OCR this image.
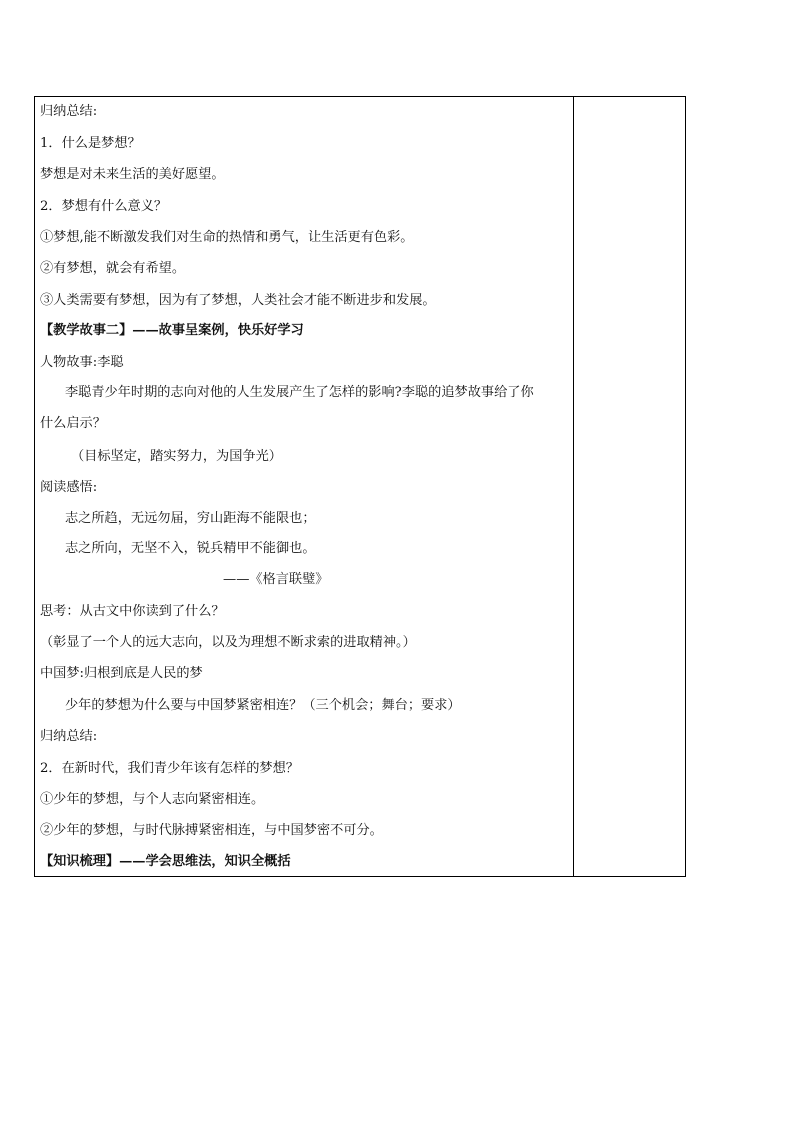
归纳总结:
1．什么是梦想？
梦想是对未来生活的美好愿望。
2．梦想有什么意义？
①梦想,能不断激发我们对生命的热情和勇气，让生活更有色彩。
②有梦想，就会有希望。
③人类需要有梦想，因为有了梦想，人类社会才能不断进步和发展。
【教学故事二】——故事呈案例，快乐好学习
人物故事:李聪
李聪青少年时期的志向对他的人生发展产生了怎样的影响?李聪的追梦故事给了你
什么启示？
（目标坚定，踏实努力，为国争光）
阅读感悟:
志之所趋，无远勿届，穷山距海不能限也；
志之所向，无坚不入，锐兵精甲不能御也。
——《格言联璧》
思考：从古文中你读到了什么？
（彰显了一个人的远大志向，以及为理想不断求索的进取精神。）
中国梦:归根到底是人民的梦
少年的梦想为什么要与中国梦紧密相连？（三个机会；舞台；要求）
归纳总结:
2．在新时代，我们青少年该有怎样的梦想？
①少年的梦想，与个人志向紧密相连。
②少年的梦想，与时代脉搏紧密相连，与中国梦密不可分。
【知识梳理】——学会思维法，知识全概括
